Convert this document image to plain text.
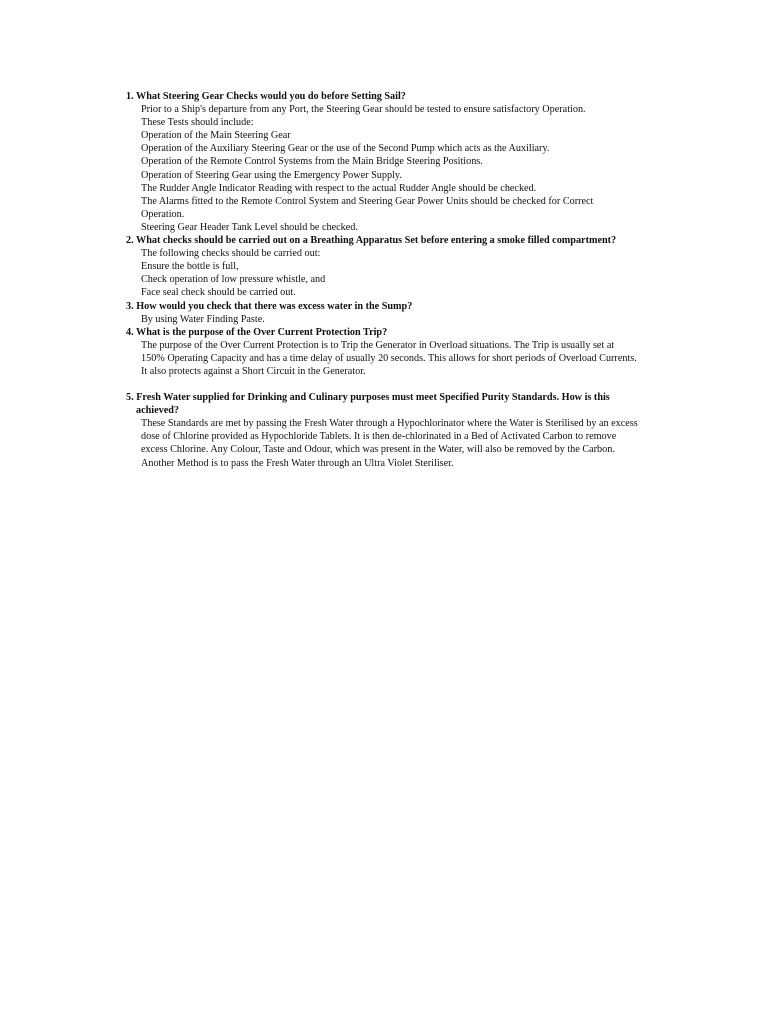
1. What Steering Gear Checks would you do before Setting Sail?
Prior to a Ship's departure from any Port, the Steering Gear should be tested to ensure satisfactory Operation.
These Tests should include:
Operation of the Main Steering Gear
Operation of the Auxiliary Steering Gear or the use of the Second Pump which acts as the Auxiliary.
Operation of the Remote Control Systems from the Main Bridge Steering Positions.
Operation of Steering Gear using the Emergency Power Supply.
The Rudder Angle Indicator Reading with respect to the actual Rudder Angle should be checked.
The Alarms fitted to the Remote Control System and Steering Gear Power Units should be checked for Correct Operation.
Steering Gear Header Tank Level should be checked.
2. What checks should be carried out on a Breathing Apparatus Set before entering a smoke filled compartment?
The following checks should be carried out:
Ensure the bottle is full,
Check operation of low pressure whistle, and
Face seal check should be carried out.
3. How would you check that there was excess water in the Sump?
By using Water Finding Paste.
4. What is the purpose of the Over Current Protection Trip?
The purpose of the Over Current Protection is to Trip the Generator in Overload situations. The Trip is usually set at 150% Operating Capacity and has a time delay of usually 20 seconds. This allows for short periods of Overload Currents. It also protects against a Short Circuit in the Generator.
5. Fresh Water supplied for Drinking and Culinary purposes must meet Specified Purity Standards. How is this achieved?
These Standards are met by passing the Fresh Water through a Hypochlorinator where the Water is Sterilised by an excess dose of Chlorine provided as Hypochloride Tablets. It is then de-chlorinated in a Bed of Activated Carbon to remove excess Chlorine. Any Colour, Taste and Odour, which was present in the Water, will also be removed by the Carbon.
Another Method is to pass the Fresh Water through an Ultra Violet Steriliser.
